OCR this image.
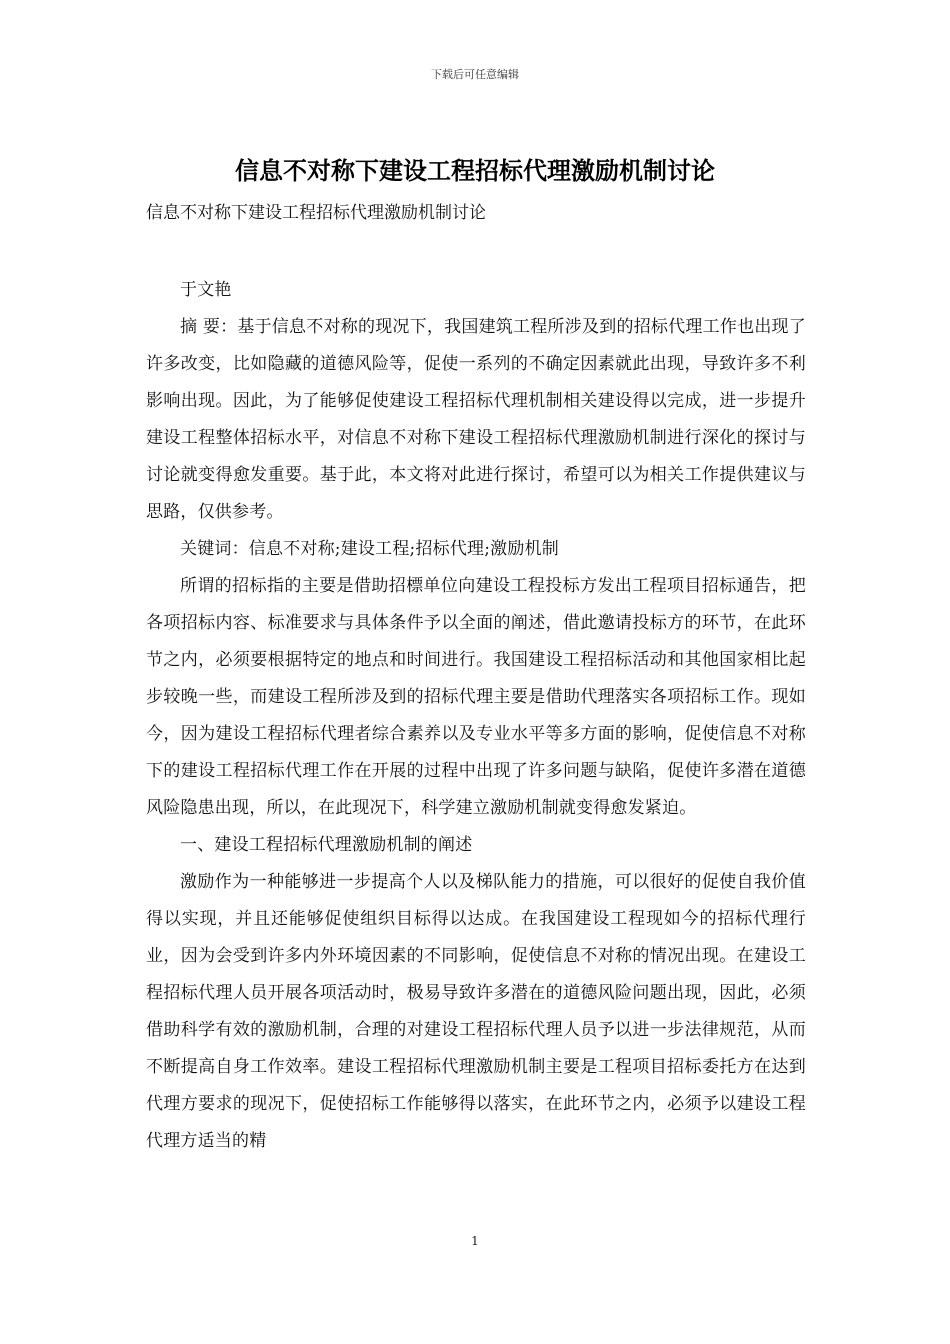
下载后可任意编辑
信息不对称下建设工程招标代理激励机制讨论
信息不对称下建设工程招标代理激励机制讨论

于文艳

摘 要：基于信息不对称的现况下，我国建筑工程所涉及到的招标代理工作也出现了许多改变，比如隐藏的道德风险等，促使一系列的不确定因素就此出现，导致许多不利影响出现。因此，为了能够促使建设工程招标代理机制相关建设得以完成，进一步提升建设工程整体招标水平，对信息不对称下建设工程招标代理激励机制进行深化的探讨与讨论就变得愈发重要。基于此，本文将对此进行探讨，希望可以为相关工作提供建议与思路，仅供参考。

关键词：信息不对称;建设工程;招标代理;激励机制

所谓的招标指的主要是借助招標单位向建设工程投标方发出工程项目招标通告，把各项招标内容、标准要求与具体条件予以全面的阐述，借此邀请投标方的环节，在此环节之内，必须要根据特定的地点和时间进行。我国建设工程招标活动和其他国家相比起步较晚一些，而建设工程所涉及到的招标代理主要是借助代理落实各项招标工作。现如今，因为建设工程招标代理者综合素养以及专业水平等多方面的影响，促使信息不对称下的建设工程招标代理工作在开展的过程中出现了许多问题与缺陷，促使许多潜在道德风险隐患出现，所以，在此现况下，科学建立激励机制就变得愈发紧迫。

一、建设工程招标代理激励机制的阐述

激励作为一种能够进一步提高个人以及梯队能力的措施，可以很好的促使自我价值得以实现，并且还能够促使组织目标得以达成。在我国建设工程现如今的招标代理行业，因为会受到许多内外环境因素的不同影响，促使信息不对称的情况出现。在建设工程招标代理人员开展各项活动时，极易导致许多潜在的道德风险问题出现，因此，必须借助科学有效的激励机制，合理的对建设工程招标代理人员予以进一步法律规范，从而不断提高自身工作效率。建设工程招标代理激励机制主要是工程项目招标委托方在达到代理方要求的现况下，促使招标工作能够得以落实，在此环节之内，必须予以建设工程代理方适当的精

1
